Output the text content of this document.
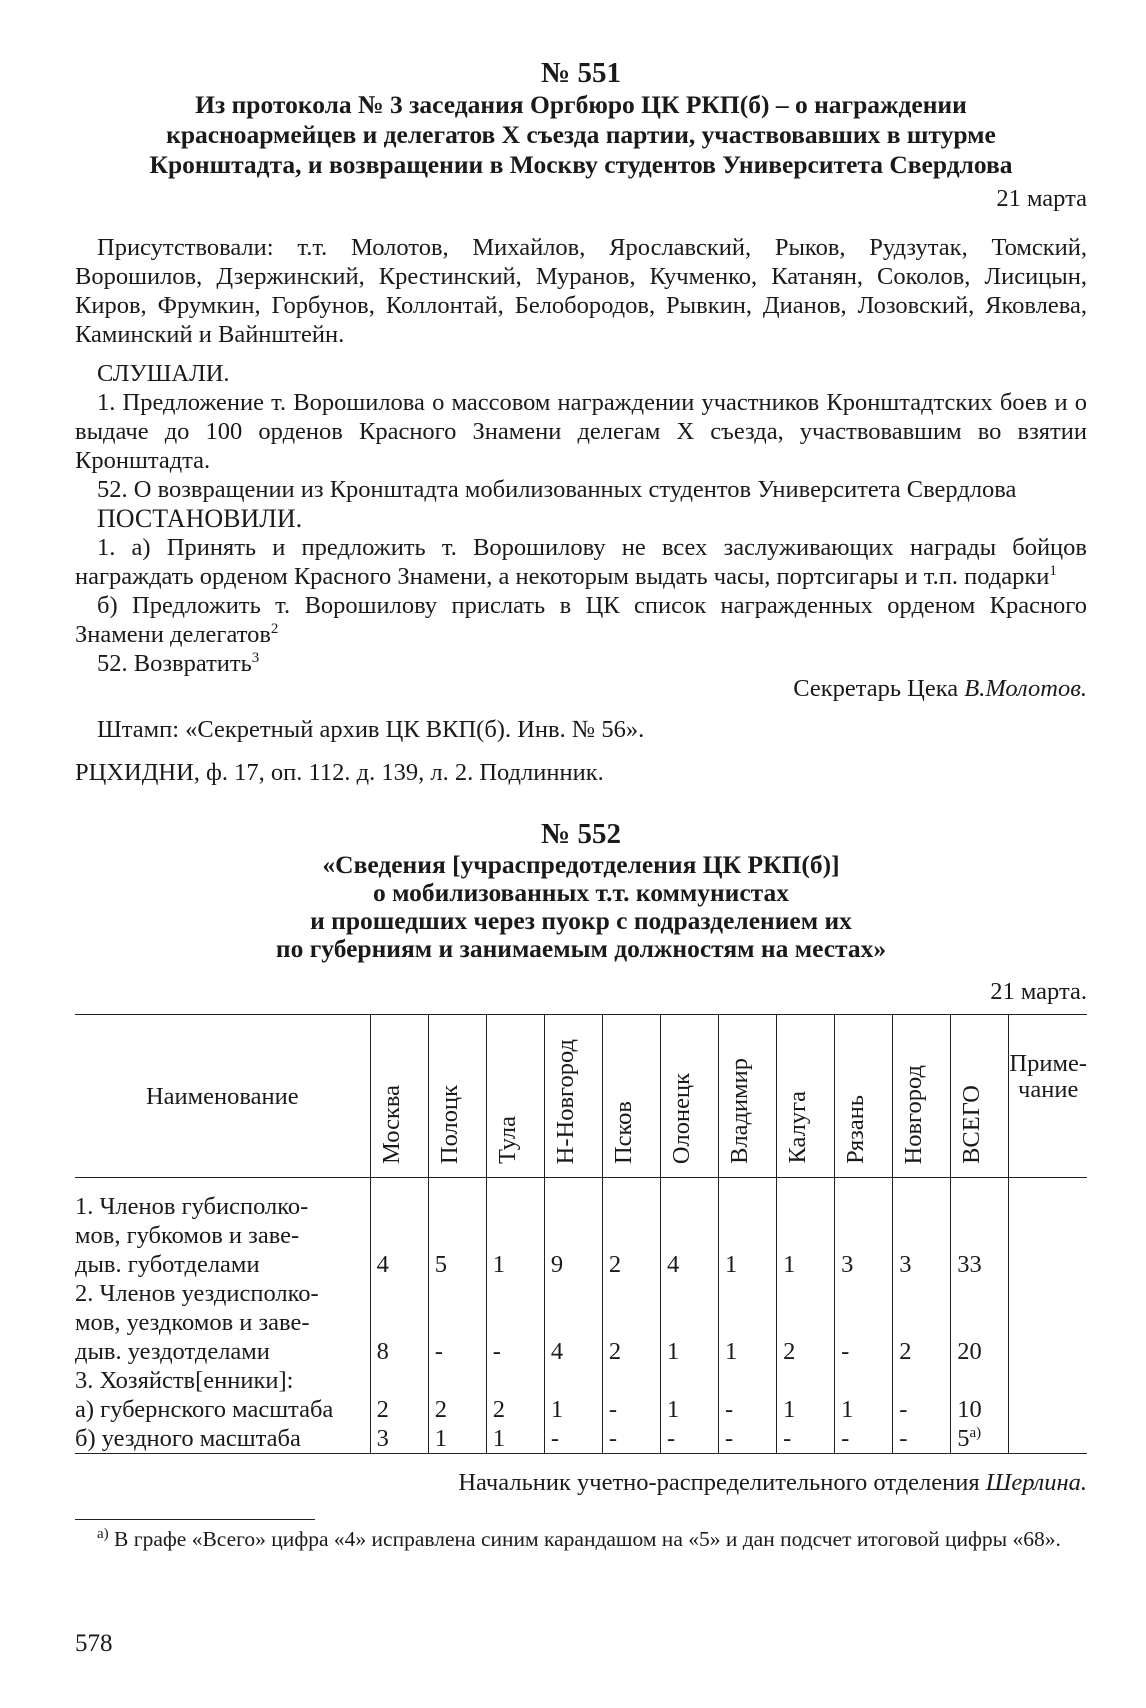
№ 551
Из протокола № 3 заседания Оргбюро ЦК РКП(б) – о награждении
красноармейцев и делегатов X съезда партии, участвовавших в штурме
Кронштадта, и возвращении в Москву студентов Университета Свердлова
21 марта

Присутствовали: т.т. Молотов, Михайлов, Ярославский, Рыков, Рудзутак, Томский, Ворошилов, Дзержинский, Крестинский, Муранов, Кучменко, Катанян, Соколов, Лисицын, Киров, Фрумкин, Горбунов, Коллонтай, Белобородов, Рывкин, Дианов, Лозовский, Яковлева, Каминский и Вайнштейн.

СЛУШАЛИ.

1. Предложение т. Ворошилова о массовом награждении участников Кронштадтских боев и о выдаче до 100 орденов Красного Знамени делегам X съезда, участвовавшим во взятии Кронштадта.

52. О возвращении из Кронштадта мобилизованных студентов Университета Свердлова

ПОСТАНОВИЛИ.

1. а) Принять и предложить т. Ворошилову не всех заслуживающих награды бойцов награждать орденом Красного Знамени, а некоторым выдать часы, портсигары и т.п. подарки$^1$

б) Предложить т. Ворошилову прислать в ЦК список награжденных орденом Красного Знамени делегатов$^2$

52. Возвратить$^3$

Секретарь Цека В.Молотов.

Штамп: «Секретный архив ЦК ВКП(б). Инв. № 56».

РЦХИДНИ, ф. 17, оп. 112. д. 139, л. 2. Подлинник.

№ 552
«Сведения [учраспредотделения ЦК РКП(б)]
о мобилизованных т.т. коммунистах
и прошедших через пуокр с подразделением их
по губерниям и занимаемым должностям на местах»
21 марта.
Наименование	Москва	Полоцк	Тула	Н-Новгород	Псков	Олонецк	Владимир	Калуга	Рязань	Новгород	ВСЕГО	Приме-
чание

1. Членов губисполко-
мов, губкомов и заве-
дыв. губотделами	4	5	1	9	2	4	1	1	3	3	33	

2. Членов уездисполко-
мов, уездкомов и заве-
дыв. уездотделами	8	-	-	4	2	1	1	2	-	2	20	

3. Хозяйств[енники]:
а) губернского масштаба	2	2	2	1	-	1	-	1	1	-	10	

б) уездного масштаба	3	1	1	-	-	-	-	-	-	-	$5^{а)}$	
Начальник учетно-распределительного отделения Шерлина.

$^{а)}$ В графе «Всего» цифра «4» исправлена синим карандашом на «5» и дан подсчет итоговой цифры «68».

578
